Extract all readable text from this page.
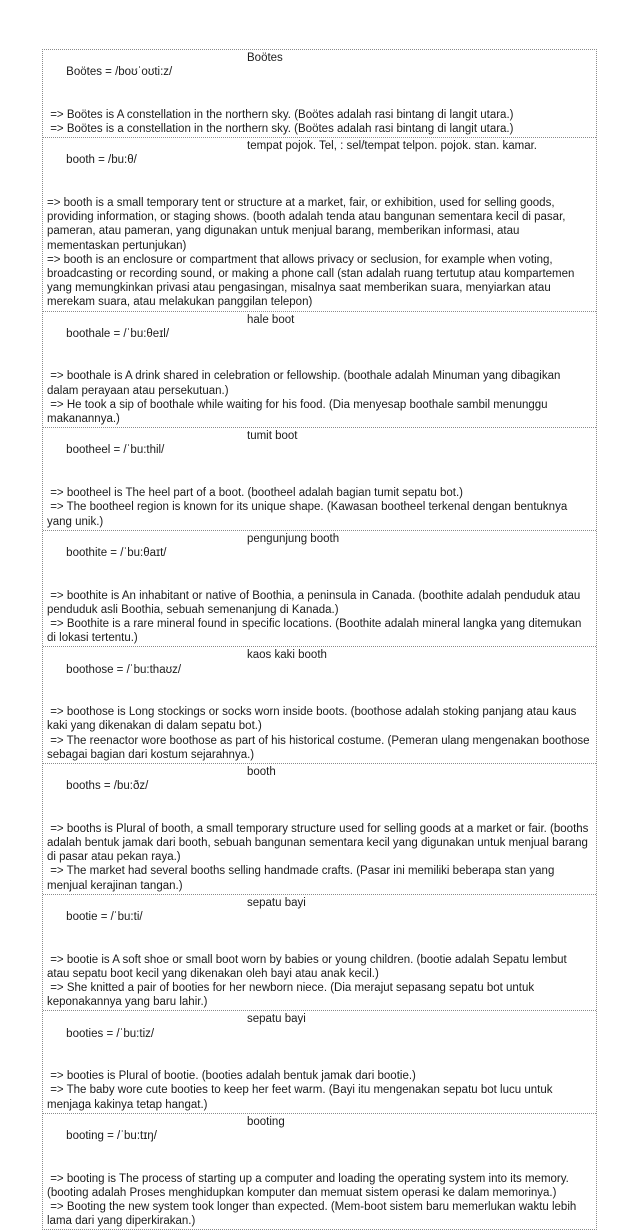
Boötes = /boʊˈoʊti:z/

Boötes

=> Boötes is A constellation in the northern sky. (Boötes adalah rasi bintang di langit utara.)
=> Boötes is a constellation in the northern sky. (Boötes adalah rasi bintang di langit utara.)

booth = /bu:θ/

tempat pojok. Tel, : sel/tempat telpon. pojok. stan. kamar.

=> booth is a small temporary tent or structure at a market, fair, or exhibition, used for selling goods, providing information, or staging shows. (booth adalah tenda atau bangunan sementara kecil di pasar, pameran, atau pameran, yang digunakan untuk menjual barang, memberikan informasi, atau mementaskan pertunjukan)
=> booth is an enclosure or compartment that allows privacy or seclusion, for example when voting, broadcasting or recording sound, or making a phone call (stan adalah ruang tertutup atau kompartemen yang memungkinkan privasi atau pengasingan, misalnya saat memberikan suara, menyiarkan atau merekam suara, atau melakukan panggilan telepon)

boothale = /ˈbu:θeɪl/

hale boot

=> boothale is A drink shared in celebration or fellowship. (boothale adalah Minuman yang dibagikan dalam perayaan atau persekutuan.)
=> He took a sip of boothale while waiting for his food. (Dia menyesap boothale sambil menunggu makanannya.)

bootheel = /ˈbu:thil/

tumit boot

=> bootheel is The heel part of a boot. (bootheel adalah bagian tumit sepatu bot.)
=> The bootheel region is known for its unique shape. (Kawasan bootheel terkenal dengan bentuknya yang unik.)

boothite = /ˈbu:θaɪt/

pengunjung booth

=> boothite is An inhabitant or native of Boothia, a peninsula in Canada. (boothite adalah penduduk atau penduduk asli Boothia, sebuah semenanjung di Kanada.)
=> Boothite is a rare mineral found in specific locations. (Boothite adalah mineral langka yang ditemukan di lokasi tertentu.)

boothose = /ˈbu:thaʊz/

kaos kaki booth

=> boothose is Long stockings or socks worn inside boots. (boothose adalah stoking panjang atau kaus kaki yang dikenakan di dalam sepatu bot.)
=> The reenactor wore boothose as part of his historical costume. (Pemeran ulang mengenakan boothose sebagai bagian dari kostum sejarahnya.)

booths = /bu:ðz/

booth

=> booths is Plural of booth, a small temporary structure used for selling goods at a market or fair. (booths adalah bentuk jamak dari booth, sebuah bangunan sementara kecil yang digunakan untuk menjual barang di pasar atau pekan raya.)
=> The market had several booths selling handmade crafts. (Pasar ini memiliki beberapa stan yang menjual kerajinan tangan.)

bootie = /ˈbu:ti/

sepatu bayi

=> bootie is A soft shoe or small boot worn by babies or young children. (bootie adalah Sepatu lembut atau sepatu boot kecil yang dikenakan oleh bayi atau anak kecil.)
=> She knitted a pair of booties for her newborn niece. (Dia merajut sepasang sepatu bot untuk keponakannya yang baru lahir.)

booties = /ˈbu:tiz/

sepatu bayi

=> booties is Plural of bootie. (booties adalah bentuk jamak dari bootie.)
=> The baby wore cute booties to keep her feet warm. (Bayi itu mengenakan sepatu bot lucu untuk menjaga kakinya tetap hangat.)

booting = /ˈbu:tɪŋ/

booting

=> booting is The process of starting up a computer and loading the operating system into its memory. (booting adalah Proses menghidupkan komputer dan memuat sistem operasi ke dalam memorinya.)
=> Booting the new system took longer than expected. (Mem-boot sistem baru memerlukan waktu lebih lama dari yang diperkirakan.)
